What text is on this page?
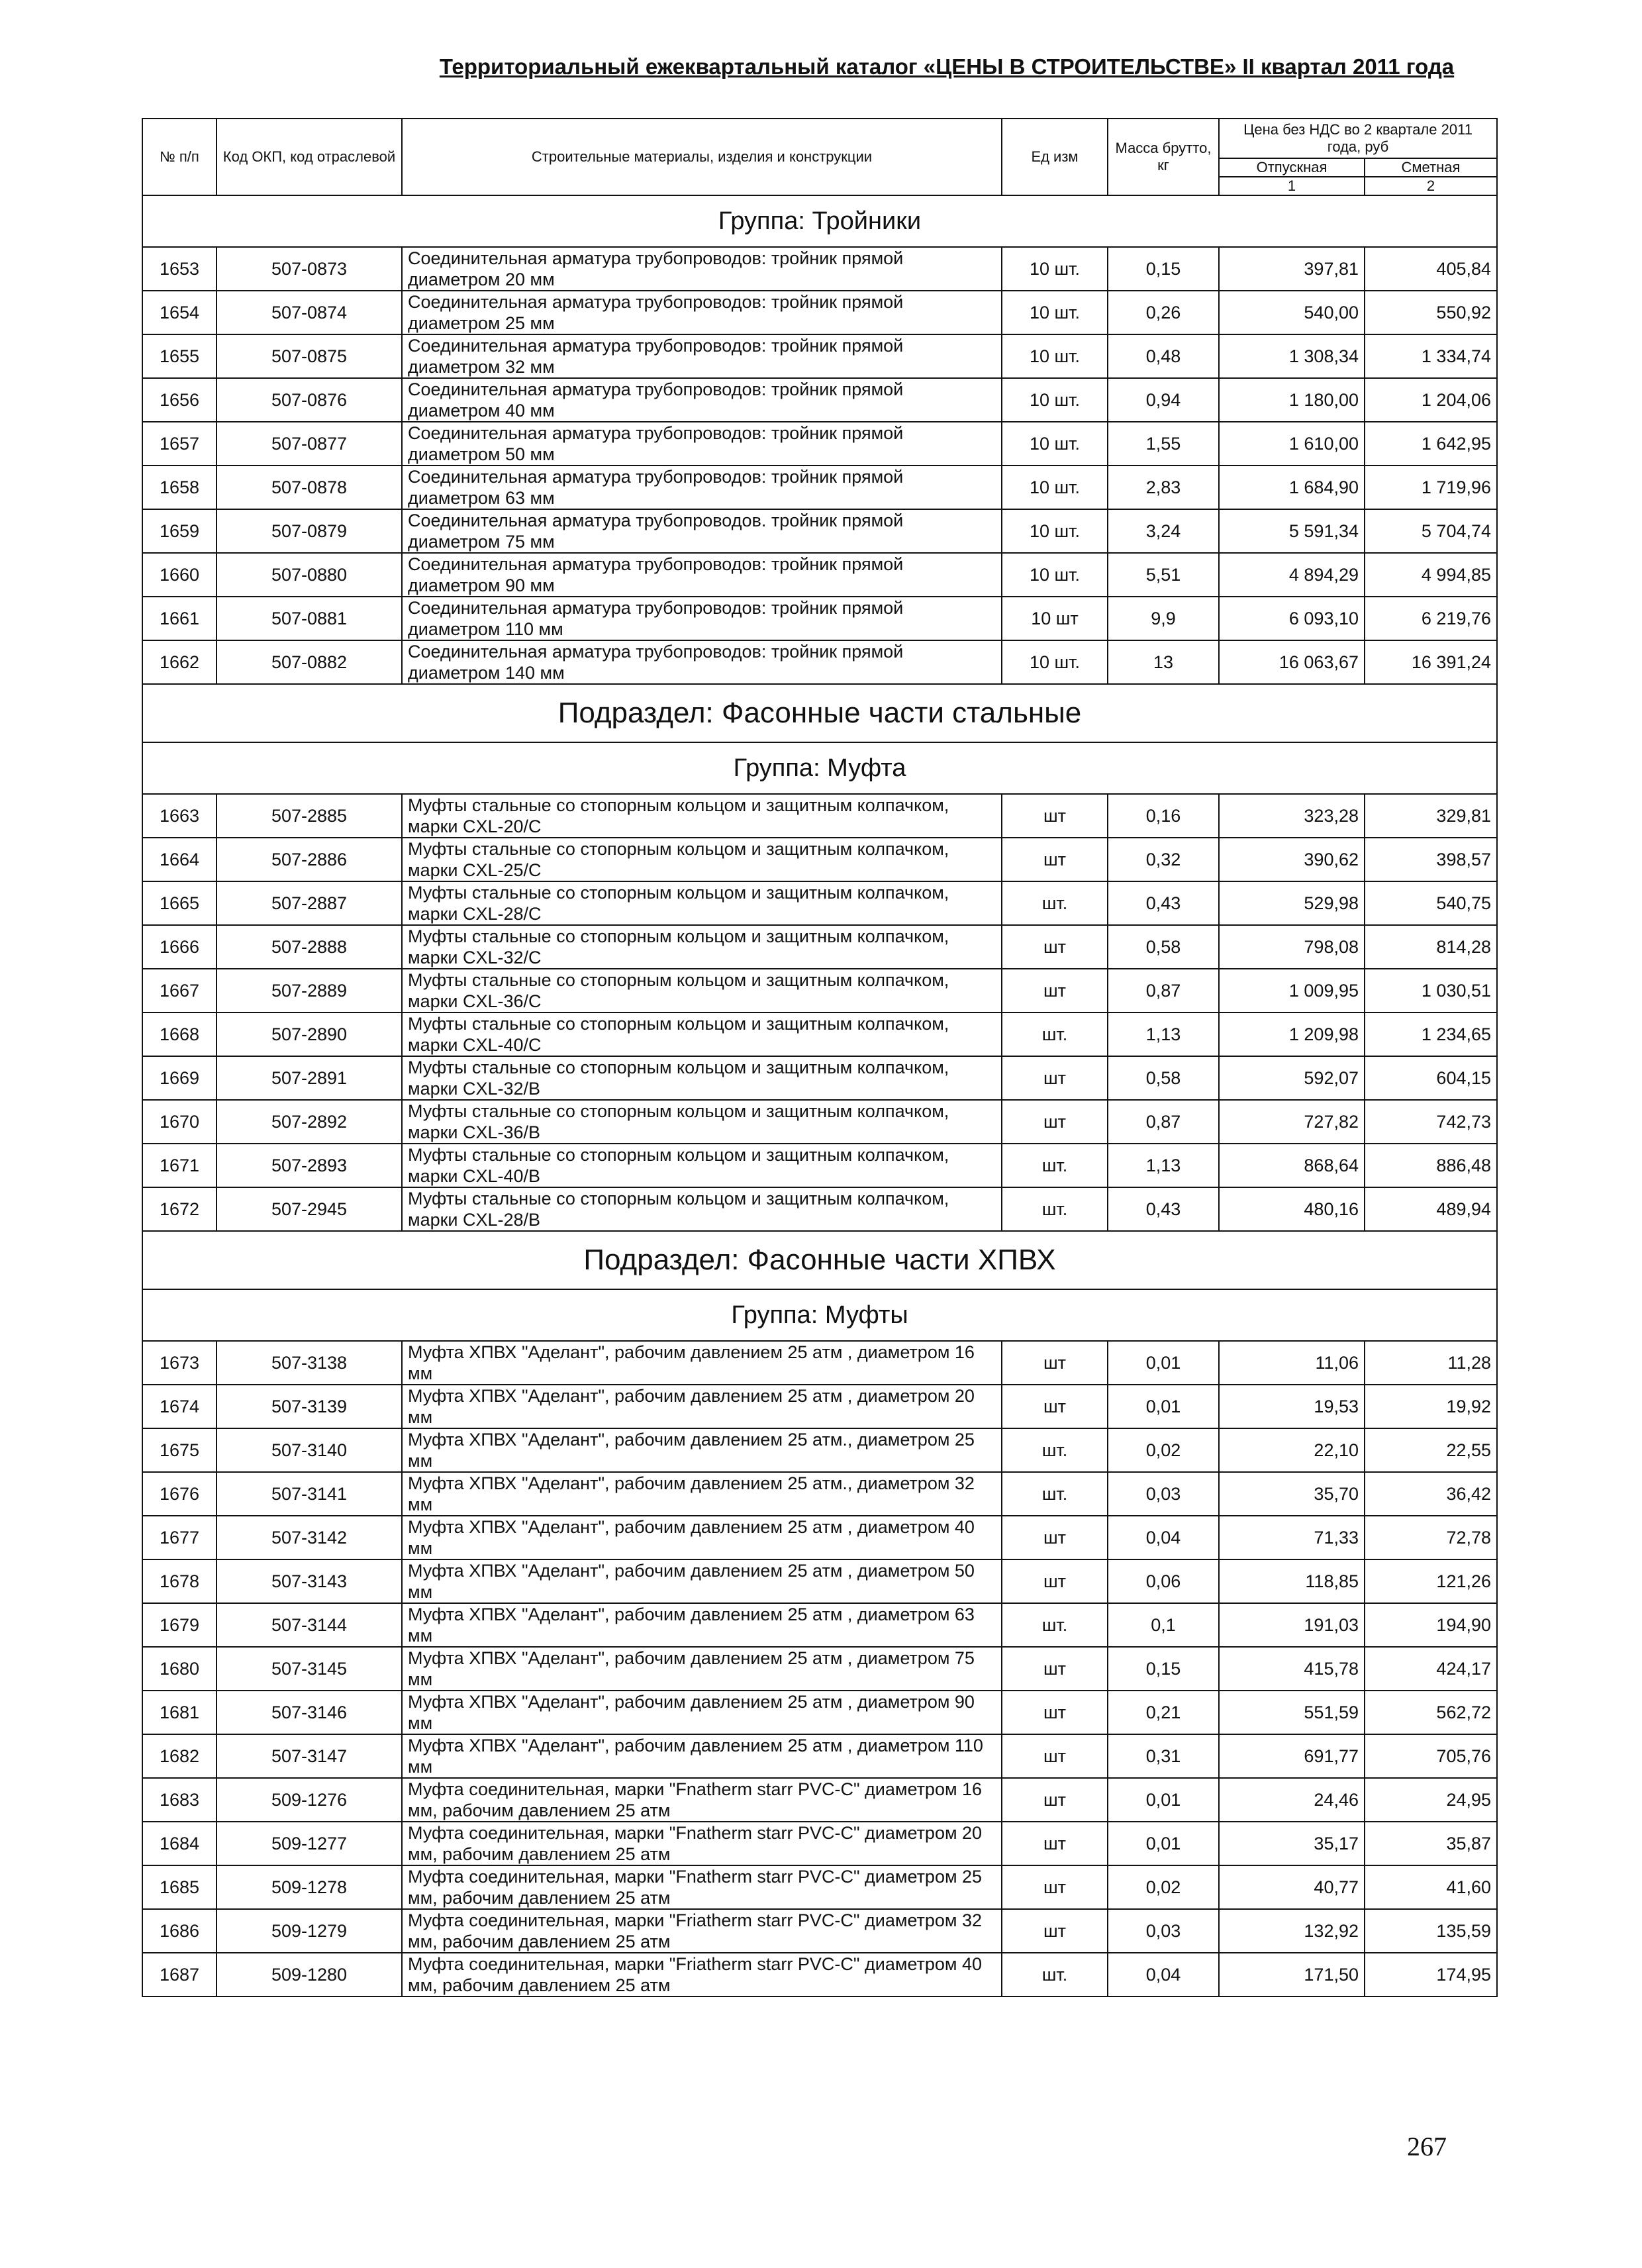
Территориальный ежеквартальный каталог «ЦЕНЫ В СТРОИТЕЛЬСТВЕ» II квартал 2011 года
№ п/п	Код ОКП, код отраслевой	Строительные материалы, изделия и конструкции	Ед изм	Масса брутто, кг	Цена без НДС во 2 квартале 2011 года, руб		
					Отпускная	Сметная	
					1	2					
Группа: Тройники							
1653	507-0873	Соединительная арматура трубопроводов: тройник прямой диаметром 20 мм	10 шт.	0,15	397,81	405,84	
1654	507-0874	Соединительная арматура трубопроводов: тройник прямой диаметром 25 мм	10 шт.	0,26	540,00	550,92	
1655	507-0875	Соединительная арматура трубопроводов: тройник прямой диаметром 32 мм	10 шт.	0,48	1 308,34	1 334,74	
1656	507-0876	Соединительная арматура трубопроводов: тройник прямой диаметром 40 мм	10 шт.	0,94	1 180,00	1 204,06	
1657	507-0877	Соединительная арматура трубопроводов: тройник прямой диаметром 50 мм	10 шт.	1,55	1 610,00	1 642,95	
1658	507-0878	Соединительная арматура трубопроводов: тройник прямой диаметром 63 мм	10 шт.	2,83	1 684,90	1 719,96	
1659	507-0879	Соединительная арматура трубопроводов. тройник прямой диаметром 75 мм	10 шт.	3,24	5 591,34	5 704,74	
1660	507-0880	Соединительная арматура трубопроводов: тройник прямой диаметром 90 мм	10 шт.	5,51	4 894,29	4 994,85	
1661	507-0881	Соединительная арматура трубопроводов: тройник прямой диаметром 110 мм	10 шт	9,9	6 093,10	6 219,76	
1662	507-0882	Соединительная арматура трубопроводов: тройник прямой диаметром 140 мм	10 шт.	13	16 063,67	16 391,24	
Подраздел: Фасонные части стальные							
Группа: Муфта							
1663	507-2885	Муфты стальные со стопорным кольцом и защитным колпачком, марки CXL-20/C	шт	0,16	323,28	329,81	
1664	507-2886	Муфты стальные со стопорным кольцом и защитным колпачком, марки CXL-25/C	шт	0,32	390,62	398,57	
1665	507-2887	Муфты стальные со стопорным кольцом и защитным колпачком, марки CXL-28/C	шт.	0,43	529,98	540,75	
1666	507-2888	Муфты стальные со стопорным кольцом и защитным колпачком, марки CXL-32/C	шт	0,58	798,08	814,28	
1667	507-2889	Муфты стальные со стопорным кольцом и защитным колпачком, марки CXL-36/C	шт	0,87	1 009,95	1 030,51	
1668	507-2890	Муфты стальные со стопорным кольцом и защитным колпачком, марки CXL-40/C	шт.	1,13	1 209,98	1 234,65	
1669	507-2891	Муфты стальные со стопорным кольцом и защитным колпачком, марки CXL-32/B	шт	0,58	592,07	604,15	
1670	507-2892	Муфты стальные со стопорным кольцом и защитным колпачком, марки CXL-36/B	шт	0,87	727,82	742,73	
1671	507-2893	Муфты стальные со стопорным кольцом и защитным колпачком, марки CXL-40/B	шт.	1,13	868,64	886,48	
1672	507-2945	Муфты стальные со стопорным кольцом и защитным колпачком, марки CXL-28/B	шт.	0,43	480,16	489,94	
Подраздел: Фасонные части ХПВХ							
Группа: Муфты							
1673	507-3138	Муфта ХПВХ "Аделант", рабочим давлением 25 атм , диаметром 16 мм	шт	0,01	11,06	11,28	
1674	507-3139	Муфта ХПВХ "Аделант", рабочим давлением 25 атм , диаметром 20 мм	шт	0,01	19,53	19,92	
1675	507-3140	Муфта ХПВХ "Аделант", рабочим давлением 25 атм., диаметром 25 мм	шт.	0,02	22,10	22,55	
1676	507-3141	Муфта ХПВХ "Аделант", рабочим давлением 25 атм., диаметром 32 мм	шт.	0,03	35,70	36,42	
1677	507-3142	Муфта ХПВХ "Аделант", рабочим давлением 25 атм , диаметром 40 мм	шт	0,04	71,33	72,78	
1678	507-3143	Муфта ХПВХ "Аделант", рабочим давлением 25 атм , диаметром 50 мм	шт	0,06	118,85	121,26	
1679	507-3144	Муфта ХПВХ "Аделант", рабочим давлением 25 атм , диаметром 63 мм	шт.	0,1	191,03	194,90	
1680	507-3145	Муфта ХПВХ "Аделант", рабочим давлением 25 атм , диаметром 75 мм	шт	0,15	415,78	424,17	
1681	507-3146	Муфта ХПВХ "Аделант", рабочим давлением 25 атм , диаметром 90 мм	шт	0,21	551,59	562,72	
1682	507-3147	Муфта ХПВХ "Аделант", рабочим давлением 25 атм , диаметром 110 мм	шт	0,31	691,77	705,76	
1683	509-1276	Муфта соединительная, марки "Fnatherm starr PVC-C" диаметром 16 мм, рабочим давлением 25 атм	шт	0,01	24,46	24,95	
1684	509-1277	Муфта соединительная, марки "Fnatherm starr PVC-C" диаметром 20 мм, рабочим давлением 25 атм	шт	0,01	35,17	35,87	
1685	509-1278	Муфта соединительная, марки "Fnatherm starr PVC-C" диаметром 25 мм, рабочим давлением 25 атм	шт	0,02	40,77	41,60	
1686	509-1279	Муфта соединительная, марки "Friatherm starr PVC-C" диаметром 32 мм, рабочим давлением 25 атм	шт	0,03	132,92	135,59	
1687	509-1280	Муфта соединительная, марки "Friatherm starr PVC-C" диаметром 40 мм, рабочим давлением 25 атм	шт.	0,04	171,50	174,95	
267
